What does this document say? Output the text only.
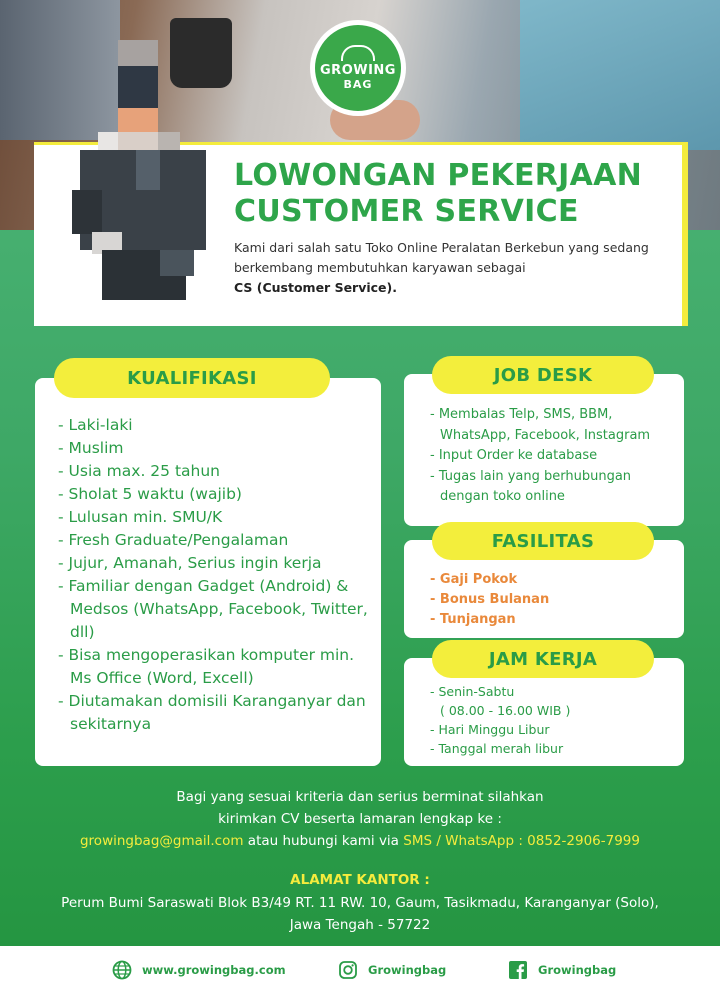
GROWING
BAG
LOWONGAN PEKERJAAN
CUSTOMER SERVICE
Kami dari salah satu Toko Online Peralatan Berkebun yang sedang
berkembang membutuhkan karyawan sebagai
CS (Customer Service).
KUALIFIKASI
- Laki-laki
- Muslim
- Usia max. 25 tahun
- Sholat 5 waktu (wajib)
- Lulusan min. SMU/K
- Fresh Graduate/Pengalaman
- Jujur, Amanah, Serius ingin kerja
- Familiar dengan Gadget (Android) & Medsos (WhatsApp, Facebook, Twitter, dll)
- Bisa mengoperasikan komputer min. Ms Office (Word, Excell)
- Diutamakan domisili Karanganyar dan sekitarnya
JOB DESK
- Membalas Telp, SMS, BBM, WhatsApp, Facebook, Instagram
- Input Order ke database
- Tugas lain yang berhubungan dengan toko online
FASILITAS
- Gaji Pokok
- Bonus Bulanan
- Tunjangan
JAM KERJA
- Senin-Sabtu
( 08.00 - 16.00 WIB )
- Hari Minggu Libur
- Tanggal merah libur
Bagi yang sesuai kriteria dan serius berminat silahkan
kirimkan CV beserta lamaran lengkap ke :
growingbag@gmail.com atau hubungi kami via SMS / WhatsApp : 0852-2906-7999
ALAMAT KANTOR :
Perum Bumi Saraswati Blok B3/49 RT. 11 RW. 10, Gaum, Tasikmadu, Karanganyar (Solo),
Jawa Tengah - 57722
www.growingbag.com	Growingbag	Growingbag
